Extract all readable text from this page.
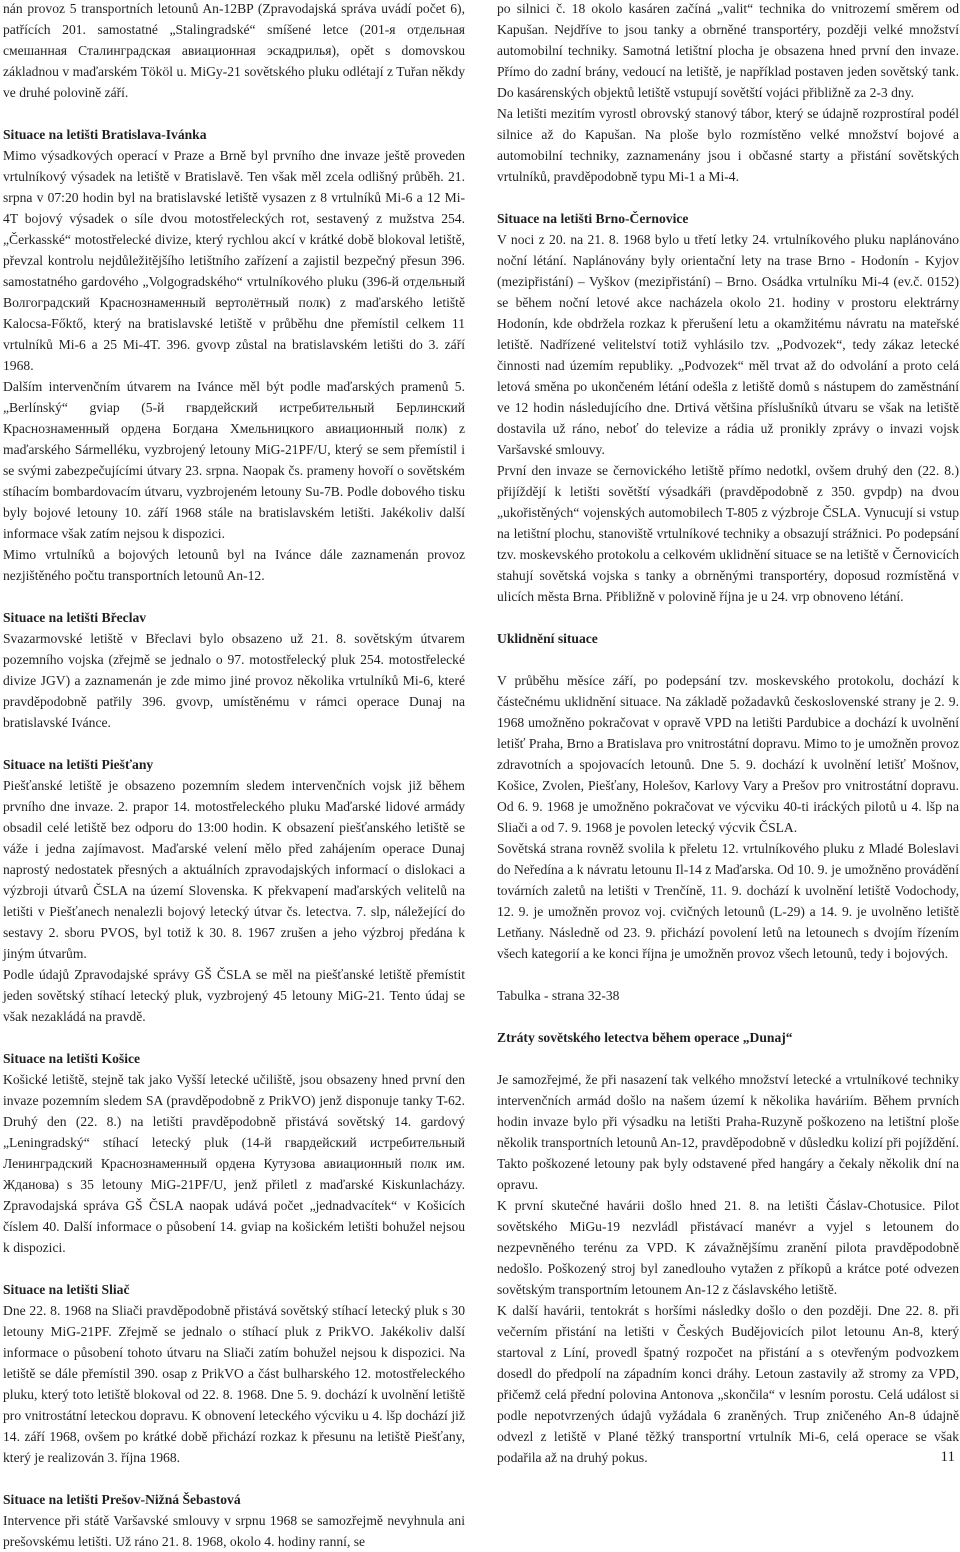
nán provoz 5 transportních letounů An-12BP (Zpravodajská správa uvádí počet 6), patřících 201. samostatné „Stalingradské“ smíšené letce (201-я отдельная смешанная Сталинградская авиационная эскадрилья), opět s domovskou základnou v maďarském Tököl u. MiGy-21 sovětského pluku odlétají z Tuřan někdy ve druhé polovině září.

Situace na letišti Bratislava-Ivánka

Mimo výsadkových operací v Praze a Brně byl prvního dne invaze ještě proveden vrtulníkový výsadek na letiště v Bratislavě. Ten však měl zcela odlišný průběh. 21. srpna v 07:20 hodin byl na bratislavské letiště vysazen z 8 vrtulníků Mi-6 a 12 Mi-4T bojový výsadek o síle dvou motostřeleckých rot, sestavený z mužstva 254. „Čerkasské“ motostřelecké divize, který rychlou akcí v krátké době blokoval letiště, převzal kontrolu nejdůležitějšího letištního zařízení a zajistil bezpečný přesun 396. samostatného gardového „Volgogradského“ vrtulníkového pluku (396-й отдельный Волгоградский Краснознаменный вертолётный полк) z maďarského letiště Kalocsa-Főktő, který na bratislavské letiště v průběhu dne přemístil celkem 11 vrtulníků Mi-6 a 25 Mi-4T. 396. gvovp zůstal na bratislavském letišti do 3. září 1968.

Dalším intervenčním útvarem na Ivánce měl být podle maďarských pramenů 5. „Berlínský“ gviap (5-й гвардейский истребительный Берлинский Краснознаменный ордена Богдана Хмельницкого авиационный полк) z maďarského Sármelléku, vyzbrojený letouny MiG-21PF/U, který se sem přemístil i se svými zabezpečujícími útvary 23. srpna. Naopak čs. prameny hovoří o sovětském stíhacím bombardovacím útvaru, vyzbrojeném letouny Su-7B. Podle dobového tisku byly bojové letouny 10. září 1968 stále na bratislavském letišti. Jakékoliv další informace však zatím nejsou k dispozici.

Mimo vrtulníků a bojových letounů byl na Ivánce dále zaznamenán provoz nezjištěného počtu transportních letounů An-12.

Situace na letišti Břeclav

Svazarmovské letiště v Břeclavi bylo obsazeno už 21. 8. sovětským útvarem pozemního vojska (zřejmě se jednalo o 97. motostřelecký pluk 254. motostřelecké divize JGV) a zaznamenán je zde mimo jiné provoz několika vrtulníků Mi-6, které pravděpodobně patřily 396. gvovp, umístěnému v rámci operace Dunaj na bratislavské Ivánce.

Situace na letišti Piešťany

Piešťanské letiště je obsazeno pozemním sledem intervenčních vojsk již během prvního dne invaze. 2. prapor 14. motostřeleckého pluku Maďarské lidové armády obsadil celé letiště bez odporu do 13:00 hodin. K obsazení piešťanského letiště se váže i jedna zajímavost. Maďarské velení mělo před zahájením operace Dunaj naprostý nedostatek přesných a aktuálních zpravodajských informací o dislokaci a výzbroji útvarů ČSLA na území Slovenska. K překvapení maďarských velitelů na letišti v Piešťanech nenalezli bojový letecký útvar čs. letectva. 7. slp, náležející do sestavy 2. sboru PVOS, byl totiž k 30. 8. 1967 zrušen a jeho výzbroj předána k jiným útvarům.

Podle údajů Zpravodajské správy GŠ ČSLA se měl na piešťanské letiště přemístit jeden sovětský stíhací letecký pluk, vyzbrojený 45 letouny MiG-21. Tento údaj se však nezakládá na pravdě.

Situace na letišti Košice

Košické letiště, stejně tak jako Vyšší letecké učiliště, jsou obsazeny hned první den invaze pozemním sledem SA (pravděpodobně z PrikVO) jenž disponuje tanky T-62. Druhý den (22. 8.) na letišti pravděpodobně přistává sovětský 14. gardový „Leningradský“ stíhací letecký pluk (14-й гвардейский истребительный Ленинградский Краснознаменный ордена Кутузова авиационный полк им. Жданова) s 35 letouny MiG-21PF/U, jenž přiletl z maďarské Kiskunlacházy. Zpravodajská správa GŠ ČSLA naopak udává počet „jednadvacítek“ v Košicích číslem 40. Další informace o působení 14. gviap na košickém letišti bohužel nejsou k dispozici.

Situace na letišti Sliač

Dne 22. 8. 1968 na Sliači pravděpodobně přistává sovětský stíhací letecký pluk s 30 letouny MiG-21PF. Zřejmě se jednalo o stíhací pluk z PrikVO. Jakékoliv další informace o působení tohoto útvaru na Sliači zatím bohužel nejsou k dispozici. Na letiště se dále přemístil 390. osap z PrikVO a část bulharského 12. motostřeleckého pluku, který toto letiště blokoval od 22. 8. 1968. Dne 5. 9. dochází k uvolnění letiště pro vnitrostátní leteckou dopravu. K obnovení leteckého výcviku u 4. lšp dochází již 14. září 1968, ovšem po krátké době přichází rozkaz k přesunu na letiště Piešťany, který je realizován 3. října 1968.

Situace na letišti Prešov-Nižná Šebastová

Intervence při státě Varšavské smlouvy v srpnu 1968 se samozřejmě nevyhnula ani prešovskému letišti. Už ráno 21. 8. 1968, okolo 4. hodiny ranní, se

po silnici č. 18 okolo kasáren začíná „valit“ technika do vnitrozemí směrem od Kapušan. Nejdříve to jsou tanky a obrněné transportéry, později velké množství automobilní techniky. Samotná letištní plocha je obsazena hned první den invaze. Přímo do zadní brány, vedoucí na letiště, je například postaven jeden sovětský tank. Do kasárenských objektů letiště vstupují sovětští vojáci přibližně za 2-3 dny.

Na letišti mezitím vyrostl obrovský stanový tábor, který se údajně rozprostíral podél silnice až do Kapušan. Na ploše bylo rozmístěno velké množství bojové a automobilní techniky, zaznamenány jsou i občasné starty a přistání sovětských vrtulníků, pravděpodobně typu Mi-1 a Mi-4.

Situace na letišti Brno-Černovice

V noci z 20. na 21. 8. 1968 bylo u třetí letky 24. vrtulníkového pluku naplánováno noční létání. Naplánovány byly orientační lety na trase Brno - Hodonín - Kyjov (mezipřistání) – Vyškov (mezipřistání) – Brno. Osádka vrtulníku Mi-4 (ev.č. 0152) se během noční letové akce nacházela okolo 21. hodiny v prostoru elektrárny Hodonín, kde obdržela rozkaz k přerušení letu a okamžitému návratu na mateřské letiště. Nadřízené velitelství totiž vyhlásilo tzv. „Podvozek“, tedy zákaz letecké činnosti nad územím republiky. „Podvozek“ měl trvat až do odvolání a proto celá letová směna po ukončeném létání odešla z letiště domů s nástupem do zaměstnání ve 12 hodin následujícího dne. Drtivá většina příslušníků útvaru se však na letiště dostavila už ráno, neboť do televize a rádia už pronikly zprávy o invazi vojsk Varšavské smlouvy.

První den invaze se černovického letiště přímo nedotkl, ovšem druhý den (22. 8.) přijíždějí k letišti sovětští výsadkáři (pravděpodobně z 350. gvpdp) na dvou „ukořistěných“ vojenských automobilech T-805 z výzbroje ČSLA. Vynucují si vstup na letištní plochu, stanoviště vrtulníkové techniky a obsazují strážnici. Po podepsání tzv. moskevského protokolu a celkovém uklidnění situace se na letiště v Černovicích stahují sovětská vojska s tanky a obrněnými transportéry, doposud rozmístěná v ulicích města Brna. Přibližně v polovině října je u 24. vrp obnoveno létání.

Uklidnění situace

V průběhu měsíce září, po podepsání tzv. moskevského protokolu, dochází k částečnému uklidnění situace. Na základě požadavků československé strany je 2. 9. 1968 umožněno pokračovat v opravě VPD na letišti Pardubice a dochází k uvolnění letišť Praha, Brno a Bratislava pro vnitrostátní dopravu. Mimo to je umožněn provoz zdravotních a spojovacích letounů. Dne 5. 9. dochází k uvolnění letišť Mošnov, Košice, Zvolen, Piešťany, Holešov, Karlovy Vary a Prešov pro vnitrostátní dopravu. Od 6. 9. 1968 je umožněno pokračovat ve výcviku 40-ti iráckých pilotů u 4. lšp na Sliači a od 7. 9. 1968 je povolen letecký výcvik ČSLA.

Sovětská strana rovněž svolila k přeletu 12. vrtulníkového pluku z Mladé Boleslavi do Neředína a k návratu letounu Il-14 z Maďarska. Od 10. 9. je umožněno provádění továrních zaletů na letišti v Trenčíně, 11. 9. dochází k uvolnění letiště Vodochody, 12. 9. je umožněn provoz voj. cvičných letounů (L-29) a 14. 9. je uvolněno letiště Letňany. Následně od 23. 9. přichází povolení letů na letounech s dvojím řízením všech kategorií a ke konci října je umožněn provoz všech letounů, tedy i bojových.

Tabulka - strana 32-38

Ztráty sovětského letectva během operace „Dunaj“

Je samozřejmé, že při nasazení tak velkého množství letecké a vrtulníkové techniky intervenčních armád došlo na našem území k několika haváriím. Během prvních hodin invaze bylo při výsadku na letišti Praha-Ruzyně poškozeno na letištní ploše několik transportních letounů An-12, pravděpodobně v důsledku kolizí při pojíždění. Takto poškozené letouny pak byly odstavené před hangáry a čekaly několik dní na opravu.

K první skutečné havárii došlo hned 21. 8. na letišti Čáslav-Chotusice. Pilot sovětského MiGu-19 nezvládl přistávací manévr a vyjel s letounem do nezpevněného terénu za VPD. K závažnějšímu zranění pilota pravděpodobně nedošlo. Poškozený stroj byl zanedlouho vytažen z příkopů a krátce poté odvezen sovětským transportním letounem An-12 z čáslavského letiště.

K další havárii, tentokrát s horšími následky došlo o den později. Dne 22. 8. při večerním přistání na letišti v Českých Budějovicích pilot letounu An-8, který startoval z Líní, provedl špatný rozpočet na přistání a s otevřeným podvozkem dosedl do předpolí na západním konci dráhy. Letoun zastavily až stromy za VPD, přičemž celá přední polovina Antonova „skončila“ v lesním porostu. Celá událost si podle nepotvrzených údajů vyžádala 6 zraněných. Trup zničeného An-8 údajně odvezl z letiště v Plané těžký transportní vrtulník Mi-6, celá operace se však podařila až na druhý pokus.	11
